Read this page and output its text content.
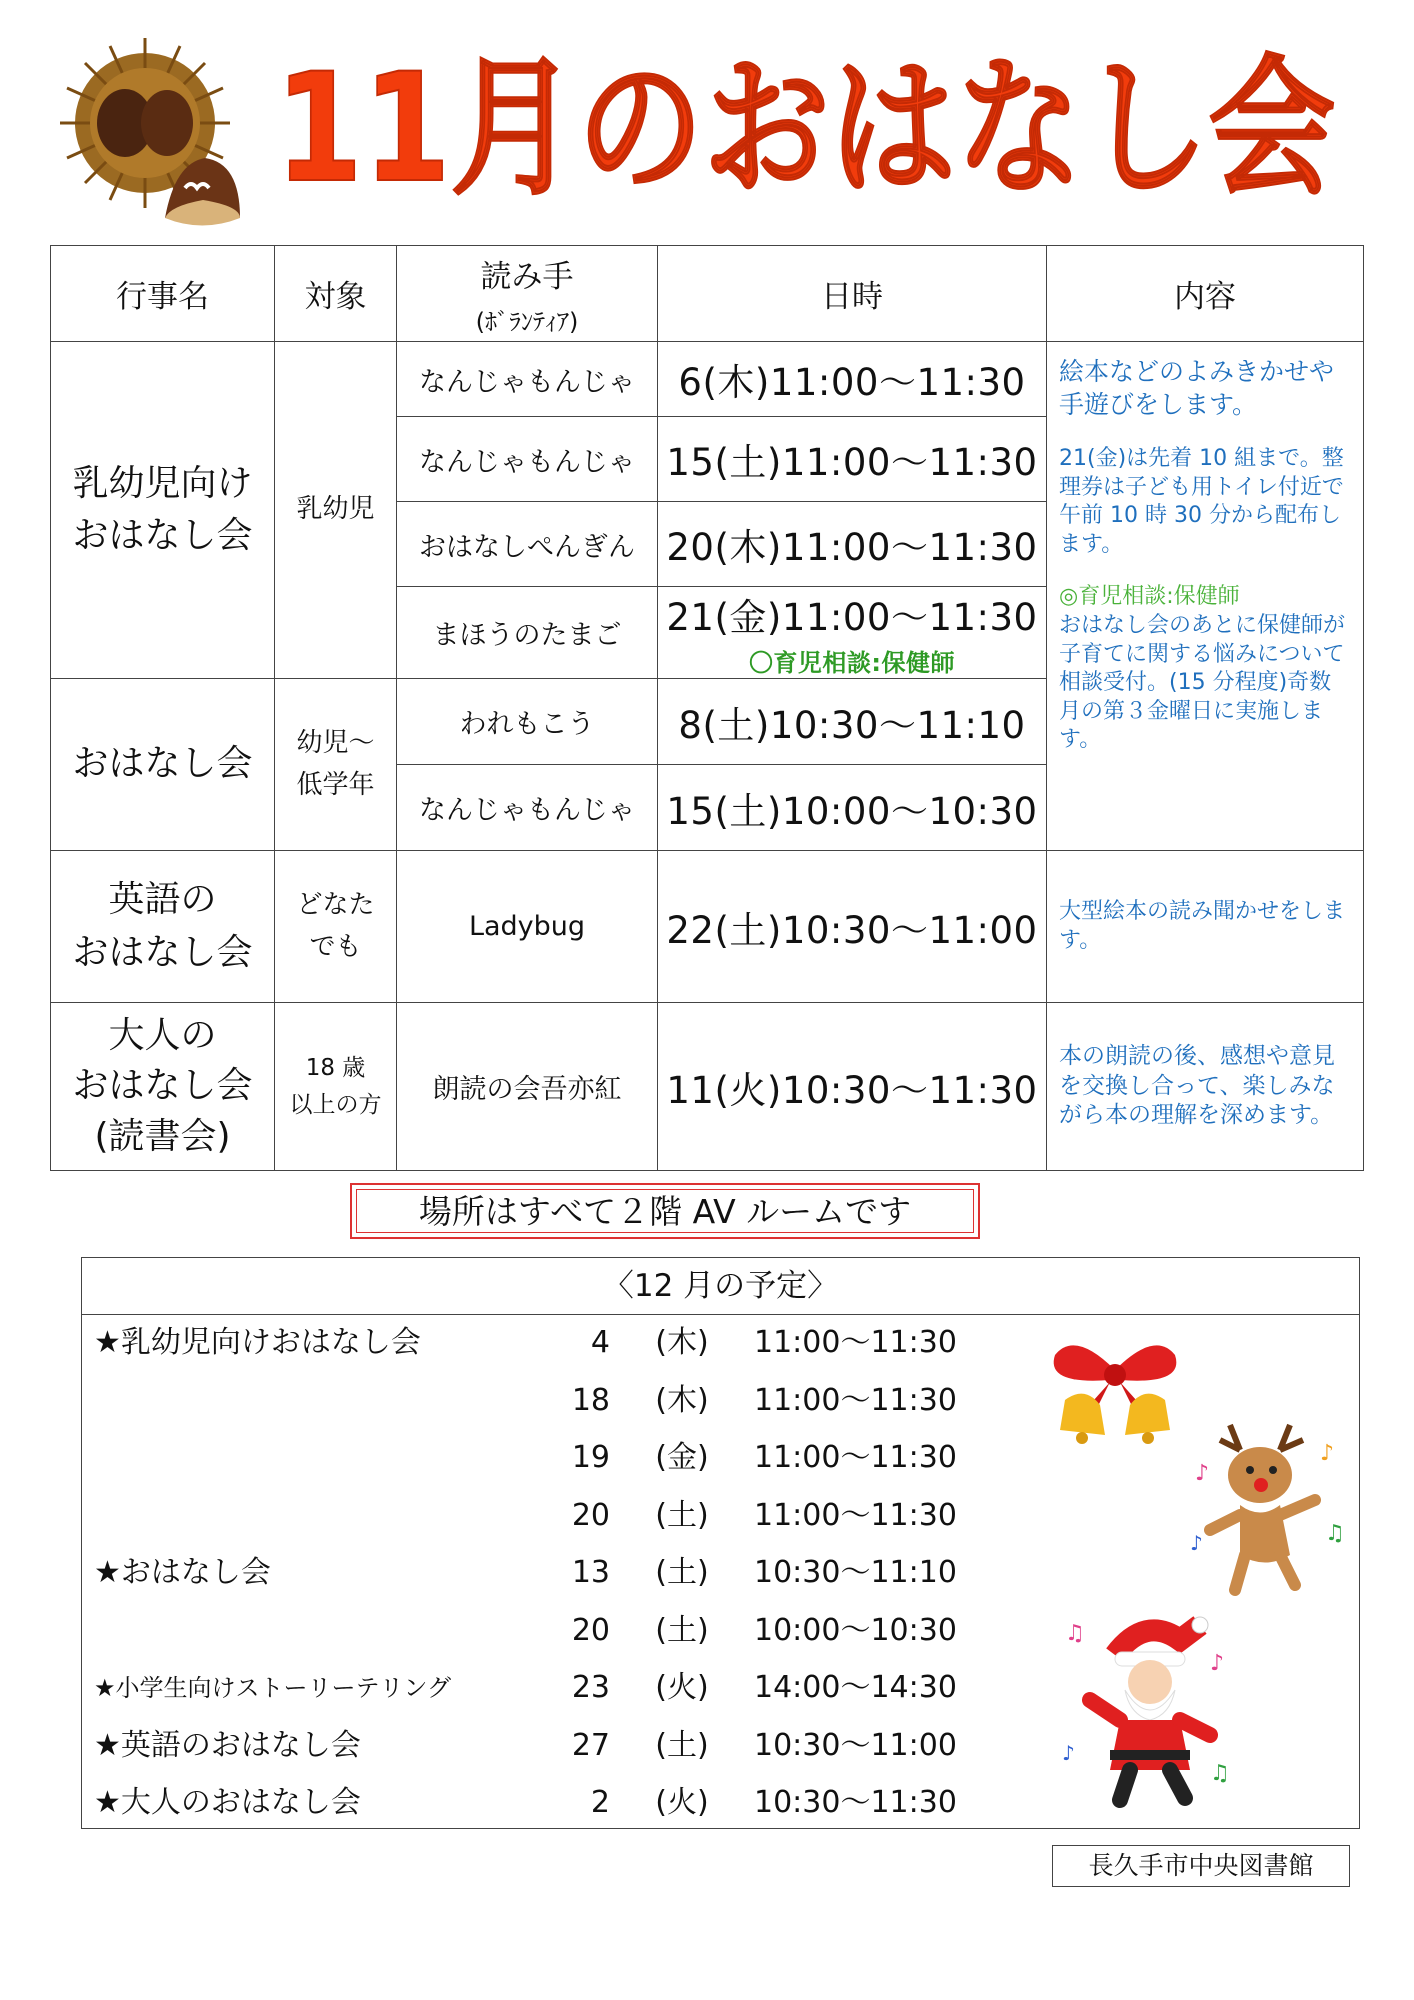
11月のおはなし会
行事名	対象	読み手
(ﾎﾞﾗﾝﾃｨｱ)	日時	内容
乳幼児向け
おはなし会	乳幼児	なんじゃもんじゃ	6(木)11:00〜11:30	絵本などのよみきかせや手遊びをします。
21(金)は先着 10 組まで。整理券は子ども用トイレ付近で午前 10 時 30 分から配布します。
◎育児相談:保健師
おはなし会のあとに保健師が子育てに関する悩みについて相談受付。(15 分程度)奇数月の第３金曜日に実施します。

		なんじゃもんじゃ	15(土)11:00〜11:30	
		おはなしぺんぎん	20(木)11:00〜11:30	
		まほうのたまご	21(金)11:00〜11:30
〇育児相談:保健師	

おはなし会	幼児〜
低学年	われもこう	8(土)10:30〜11:10	
		なんじゃもんじゃ	15(土)10:00〜10:30	
英語の
おはなし会	どなた
でも	Ladybug	22(土)10:30〜11:00	大型絵本の読み聞かせをします。
大人の
おはなし会
(読書会)	18 歳
以上の方	朗読の会吾亦紅	11(火)10:30〜11:30	本の朗読の後、感想や意見を交換し合って、楽しみながら本の理解を深めます。
場所はすべて２階 AV ルームです
〈12 月の予定〉
★乳幼児向けおはなし会	4 (木) 11:00〜11:30
18 (木) 11:00〜11:30
19 (金) 11:00〜11:30
20 (土) 11:00〜11:30
★おはなし会	13 (土) 10:30〜11:10
20 (土) 10:00〜10:30
★小学生向けストーリーテリング	23 (火) 14:00〜14:30
★英語のおはなし会	27 (土) 10:30〜11:00
★大人のおはなし会	2 (火) 10:30〜11:30
♪
♪
♫
♪
♫
♪
♫
♪
長久手市中央図書館
